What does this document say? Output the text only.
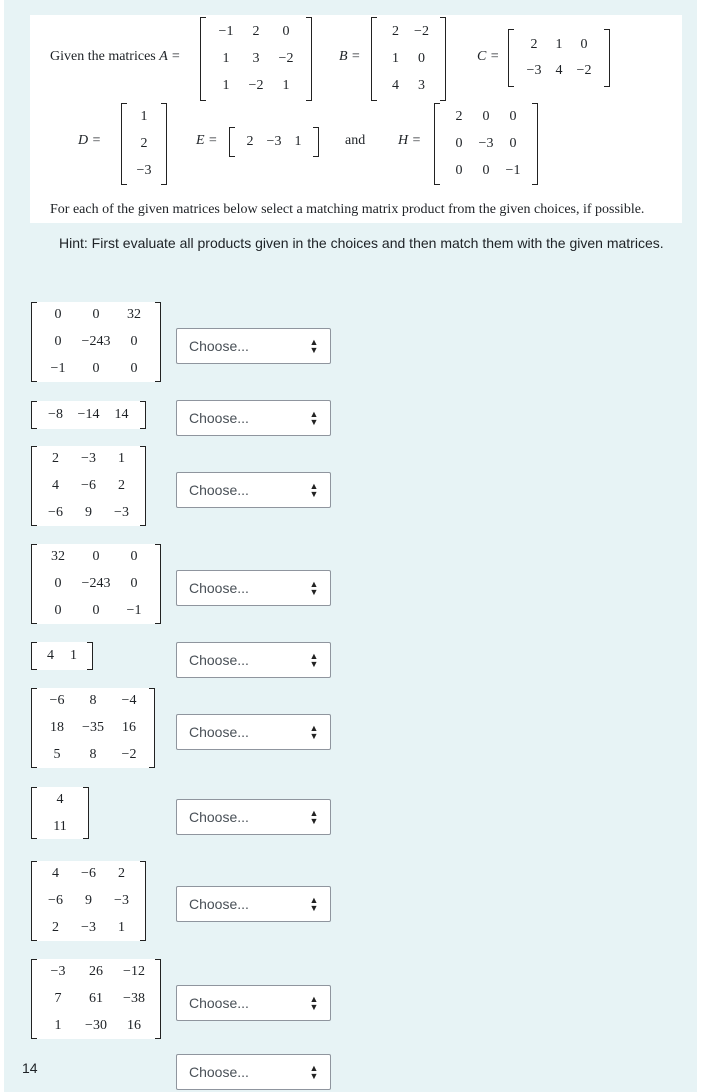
Given the matrices A =
−1 2 0
1 3 −2
1 −2 1
B =
2 −2
1 0
4 3
C =
2 1 0
−3 4 −2
D =
1
2
−3
E = 2 −3 1	and H =
2 0 0
0 −3 0
0 0 −1
For each of the given matrices below select a matching matrix product from the given choices, if possible.
Hint: First evaluate all products given in the choices and then match them with the given matrices.
0 0 32
0 −243 0
−1 0 0
Choose...	▲
▼
−8 −14 14	Choose...	▲
▼
2 −3 1
4 −6 2
−6 9 −3
Choose...	▲
▼
32 0 0
0 −243 0
0 0 −1
Choose...	▲
▼
4 1	Choose...	▲
▼
−6 8 −4
18 −35 16
5 8 −2
Choose...	▲
▼
4
11
Choose...	▲
▼
4 −6 2
−6 9 −3
2 −3 1
Choose...	▲
▼
−3 26 −12
7 61 −38
1 −30 16
Choose...	▲
▼
Choose...	▲
▼
14
